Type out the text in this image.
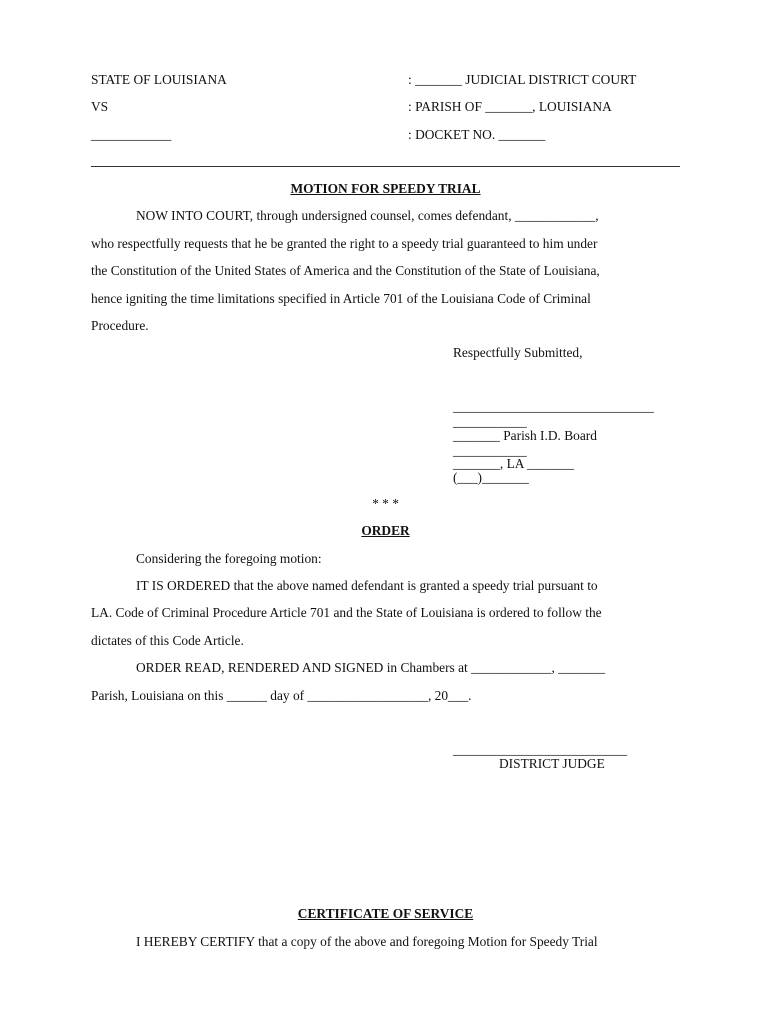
STATE OF LOUISIANA	: _______ JUDICIAL DISTRICT COURT
VS	: PARISH OF _______, LOUISIANA
____________	: DOCKET NO. _______
MOTION FOR SPEEDY TRIAL
NOW INTO COURT, through undersigned counsel, comes defendant, ____________,
who respectfully requests that he be granted the right to a speedy trial guaranteed to him under
the Constitution of the United States of America and the Constitution of the State of Louisiana,
hence igniting the time limitations specified in Article 701 of the Louisiana Code of Criminal
Procedure.
Respectfully Submitted,
______________________________
___________
_______ Parish I.D. Board
___________
_______, LA _______
(___)_______
* * *
ORDER
Considering the foregoing motion:
IT IS ORDERED that the above named defendant is granted a speedy trial pursuant to
LA. Code of Criminal Procedure Article 701 and the State of Louisiana is ordered to follow the
dictates of this Code Article.
ORDER READ, RENDERED AND SIGNED in Chambers at ____________, _______
Parish, Louisiana on this ______ day of __________________, 20___.
__________________________
DISTRICT JUDGE
CERTIFICATE OF SERVICE
I HEREBY CERTIFY that a copy of the above and foregoing Motion for Speedy Trial
